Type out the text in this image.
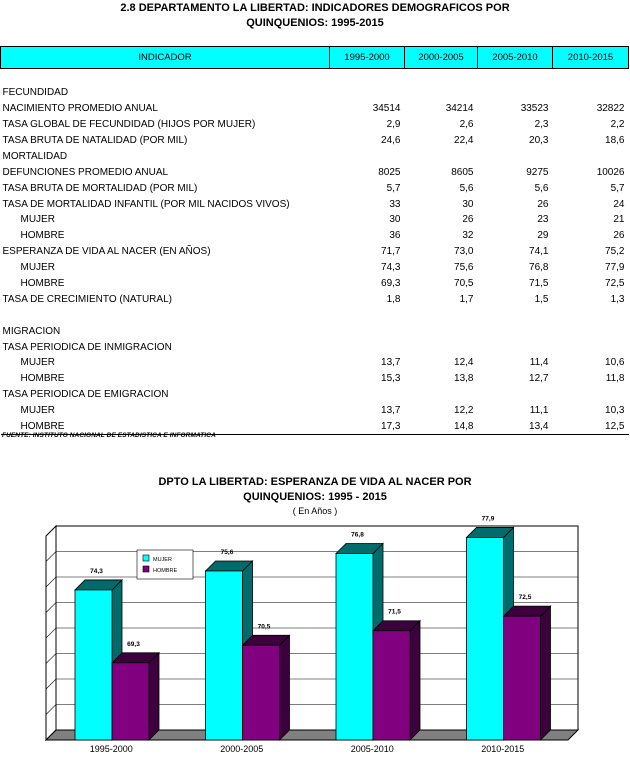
2.8 DEPARTAMENTO LA LIBERTAD: INDICADORES DEMOGRAFICOS POR
QUINQUENIOS: 1995-2015
INDICADOR	1995-2000	2000-2005	2005-2010	2010-2015

FECUNDIDAD				
NACIMIENTO PROMEDIO ANUAL	34514	34214	33523	32822
TASA GLOBAL DE FECUNDIDAD (HIJOS POR MUJER)	2,9	2,6	2,3	2,2
TASA BRUTA DE NATALIDAD (POR MIL)	24,6	22,4	20,3	18,6
MORTALIDAD				
DEFUNCIONES PROMEDIO ANUAL	8025	8605	9275	10026
TASA BRUTA DE MORTALIDAD (POR MIL)	5,7	5,6	5,6	5,7
TASA DE MORTALIDAD INFANTIL (POR MIL NACIDOS VIVOS)	33	30	26	24
MUJER	30	26	23	21
HOMBRE	36	32	29	26
ESPERANZA DE VIDA AL NACER (EN AÑOS)	71,7	73,0	74,1	75,2
MUJER	74,3	75,6	76,8	77,9
HOMBRE	69,3	70,5	71,5	72,5
TASA DE CRECIMIENTO (NATURAL)	1,8	1,7	1,5	1,3

MIGRACION				
TASA PERIODICA DE INMIGRACION				
MUJER	13,7	12,4	11,4	10,6
HOMBRE	15,3	13,8	12,7	11,8
TASA PERIODICA DE EMIGRACION				
MUJER	13,7	12,2	11,1	10,3
HOMBRE	17,3	14,8	13,4	12,5
FUENTE: INSTITUTO NACIONAL DE ESTADISTICA E INFORMATICA
DPTO LA LIBERTAD: ESPERANZA DE VIDA AL NACER POR
QUINQUENIOS: 1995 - 2015
( En Años )
74,3
69,3
1995-2000
75,6
70,5
2000-2005
76,8
71,5
2005-2010
77,9
72,5
2010-2015
MUJER
HOMBRE
